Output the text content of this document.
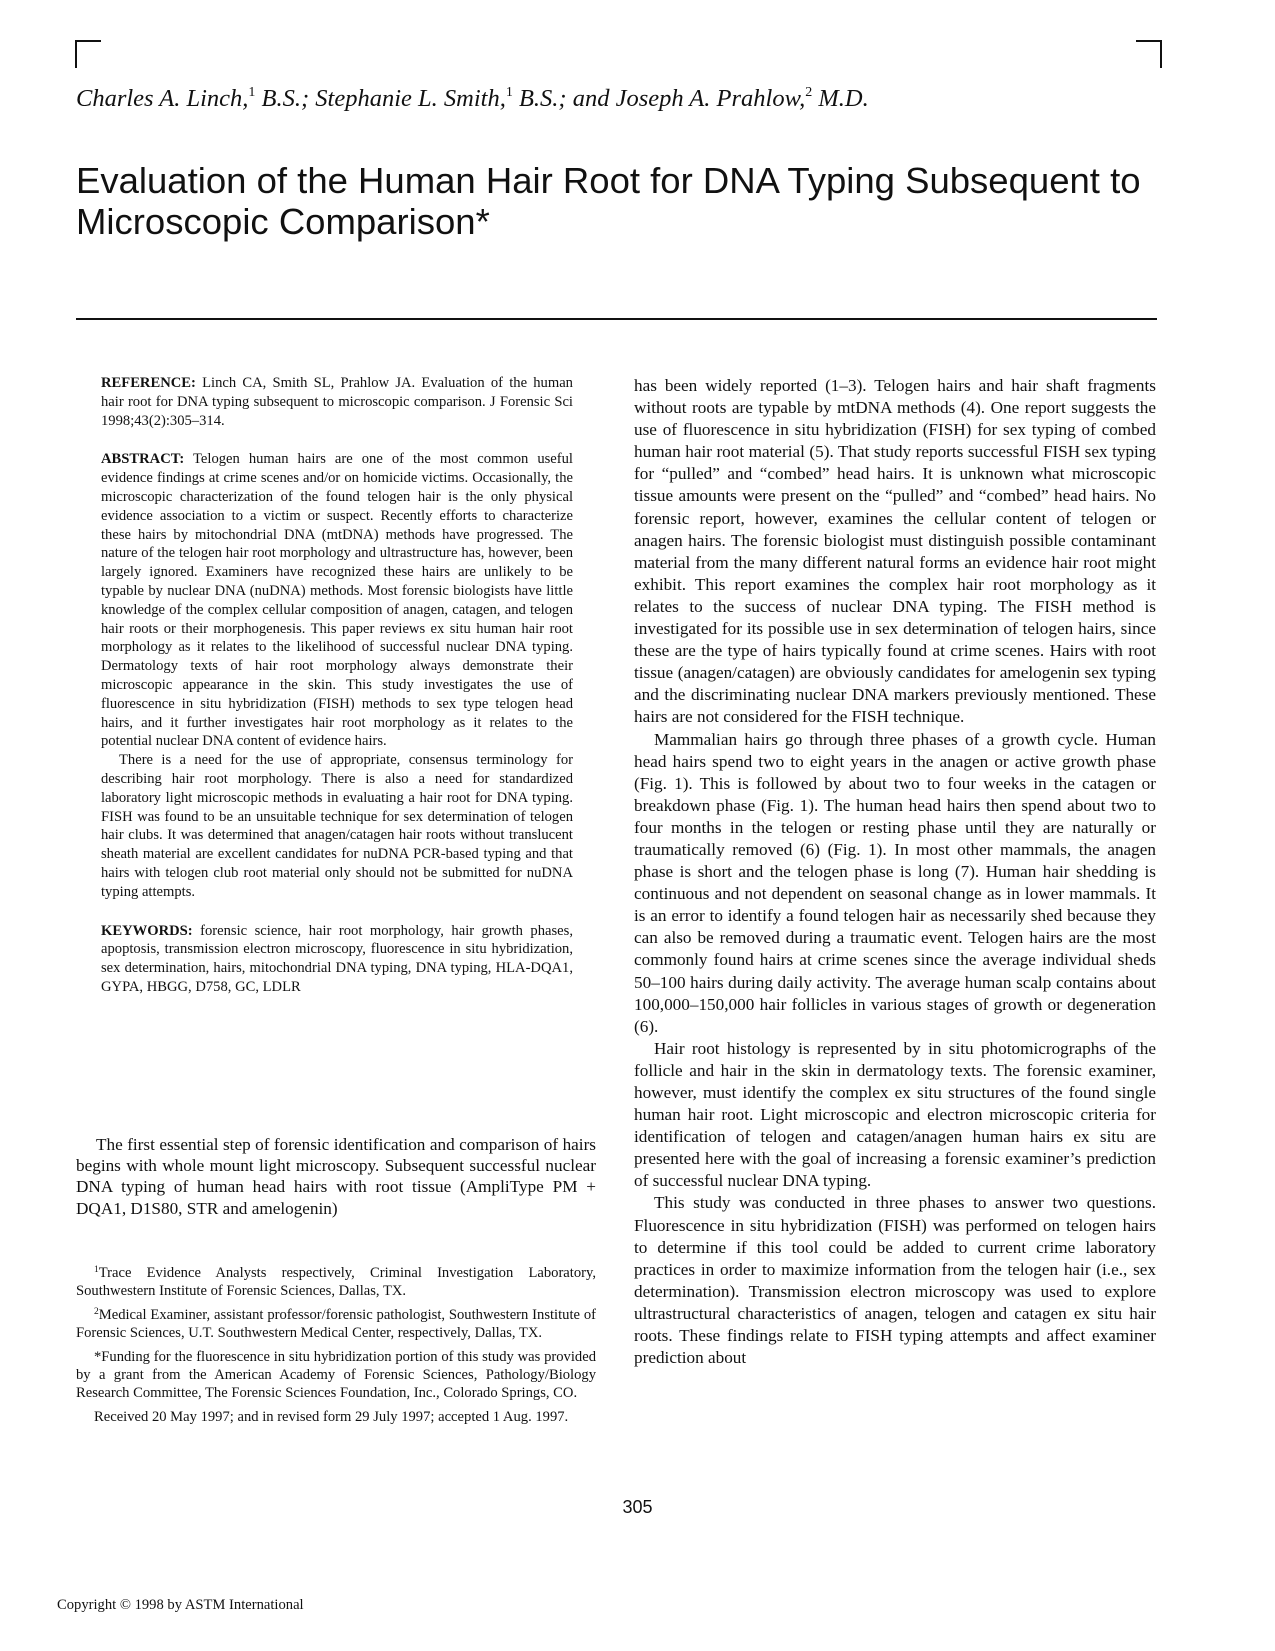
Charles A. Linch,$^1$ B.S.; Stephanie L. Smith,$^1$ B.S.; and Joseph A. Prahlow,$^2$ M.D.
Evaluation of the Human Hair Root for DNA Typing Subsequent to Microscopic Comparison*

REFERENCE: Linch CA, Smith SL, Prahlow JA. Evaluation of the human hair root for DNA typing subsequent to microscopic comparison. J Forensic Sci 1998;43(2):305–314.

ABSTRACT: Telogen human hairs are one of the most common useful evidence findings at crime scenes and/or on homicide victims. Occasionally, the microscopic characterization of the found telogen hair is the only physical evidence association to a victim or suspect. Recently efforts to characterize these hairs by mitochondrial DNA (mtDNA) methods have progressed. The nature of the telogen hair root morphology and ultrastructure has, however, been largely ignored. Examiners have recognized these hairs are unlikely to be typable by nuclear DNA (nuDNA) methods. Most forensic biologists have little knowledge of the complex cellular composition of anagen, catagen, and telogen hair roots or their morphogenesis. This paper reviews ex situ human hair root morphology as it relates to the likelihood of successful nuclear DNA typing. Dermatology texts of hair root morphology always demonstrate their microscopic appearance in the skin. This study investigates the use of fluorescence in situ hybridization (FISH) methods to sex type telogen head hairs, and it further investigates hair root morphology as it relates to the potential nuclear DNA content of evidence hairs.

There is a need for the use of appropriate, consensus terminology for describing hair root morphology. There is also a need for standardized laboratory light microscopic methods in evaluating a hair root for DNA typing. FISH was found to be an unsuitable technique for sex determination of telogen hair clubs. It was determined that anagen/catagen hair roots without translucent sheath material are excellent candidates for nuDNA PCR-based typing and that hairs with telogen club root material only should not be submitted for nuDNA typing attempts.

KEYWORDS: forensic science, hair root morphology, hair growth phases, apoptosis, transmission electron microscopy, fluorescence in situ hybridization, sex determination, hairs, mitochondrial DNA typing, DNA typing, HLA-DQA1, GYPA, HBGG, D758, GC, LDLR

The first essential step of forensic identification and comparison of hairs begins with whole mount light microscopy. Subsequent successful nuclear DNA typing of human head hairs with root tissue (AmpliType PM + DQA1, D1S80, STR and amelogenin)

$^1$Trace Evidence Analysts respectively, Criminal Investigation Laboratory, Southwestern Institute of Forensic Sciences, Dallas, TX.

$^2$Medical Examiner, assistant professor/forensic pathologist, Southwestern Institute of Forensic Sciences, U.T. Southwestern Medical Center, respectively, Dallas, TX.

*Funding for the fluorescence in situ hybridization portion of this study was provided by a grant from the American Academy of Forensic Sciences, Pathology/Biology Research Committee, The Forensic Sciences Foundation, Inc., Colorado Springs, CO.

Received 20 May 1997; and in revised form 29 July 1997; accepted 1 Aug. 1997.

has been widely reported (1–3). Telogen hairs and hair shaft fragments without roots are typable by mtDNA methods (4). One report suggests the use of fluorescence in situ hybridization (FISH) for sex typing of combed human hair root material (5). That study reports successful FISH sex typing for “pulled” and “combed” head hairs. It is unknown what microscopic tissue amounts were present on the “pulled” and “combed” head hairs. No forensic report, however, examines the cellular content of telogen or anagen hairs. The forensic biologist must distinguish possible contaminant material from the many different natural forms an evidence hair root might exhibit. This report examines the complex hair root morphology as it relates to the success of nuclear DNA typing. The FISH method is investigated for its possible use in sex determination of telogen hairs, since these are the type of hairs typically found at crime scenes. Hairs with root tissue (anagen/catagen) are obviously candidates for amelogenin sex typing and the discriminating nuclear DNA markers previously mentioned. These hairs are not considered for the FISH technique.

Mammalian hairs go through three phases of a growth cycle. Human head hairs spend two to eight years in the anagen or active growth phase (Fig. 1). This is followed by about two to four weeks in the catagen or breakdown phase (Fig. 1). The human head hairs then spend about two to four months in the telogen or resting phase until they are naturally or traumatically removed (6) (Fig. 1). In most other mammals, the anagen phase is short and the telogen phase is long (7). Human hair shedding is continuous and not dependent on seasonal change as in lower mammals. It is an error to identify a found telogen hair as necessarily shed because they can also be removed during a traumatic event. Telogen hairs are the most commonly found hairs at crime scenes since the average individual sheds 50–100 hairs during daily activity. The average human scalp contains about 100,000–150,000 hair follicles in various stages of growth or degeneration (6).

Hair root histology is represented by in situ photomicrographs of the follicle and hair in the skin in dermatology texts. The forensic examiner, however, must identify the complex ex situ structures of the found single human hair root. Light microscopic and electron microscopic criteria for identification of telogen and catagen/anagen human hairs ex situ are presented here with the goal of increasing a forensic examiner’s prediction of successful nuclear DNA typing.

This study was conducted in three phases to answer two questions. Fluorescence in situ hybridization (FISH) was performed on telogen hairs to determine if this tool could be added to current crime laboratory practices in order to maximize information from the telogen hair (i.e., sex determination). Transmission electron microscopy was used to explore ultrastructural characteristics of anagen, telogen and catagen ex situ hair roots. These findings relate to FISH typing attempts and affect examiner prediction about

305
Copyright © 1998 by ASTM International
